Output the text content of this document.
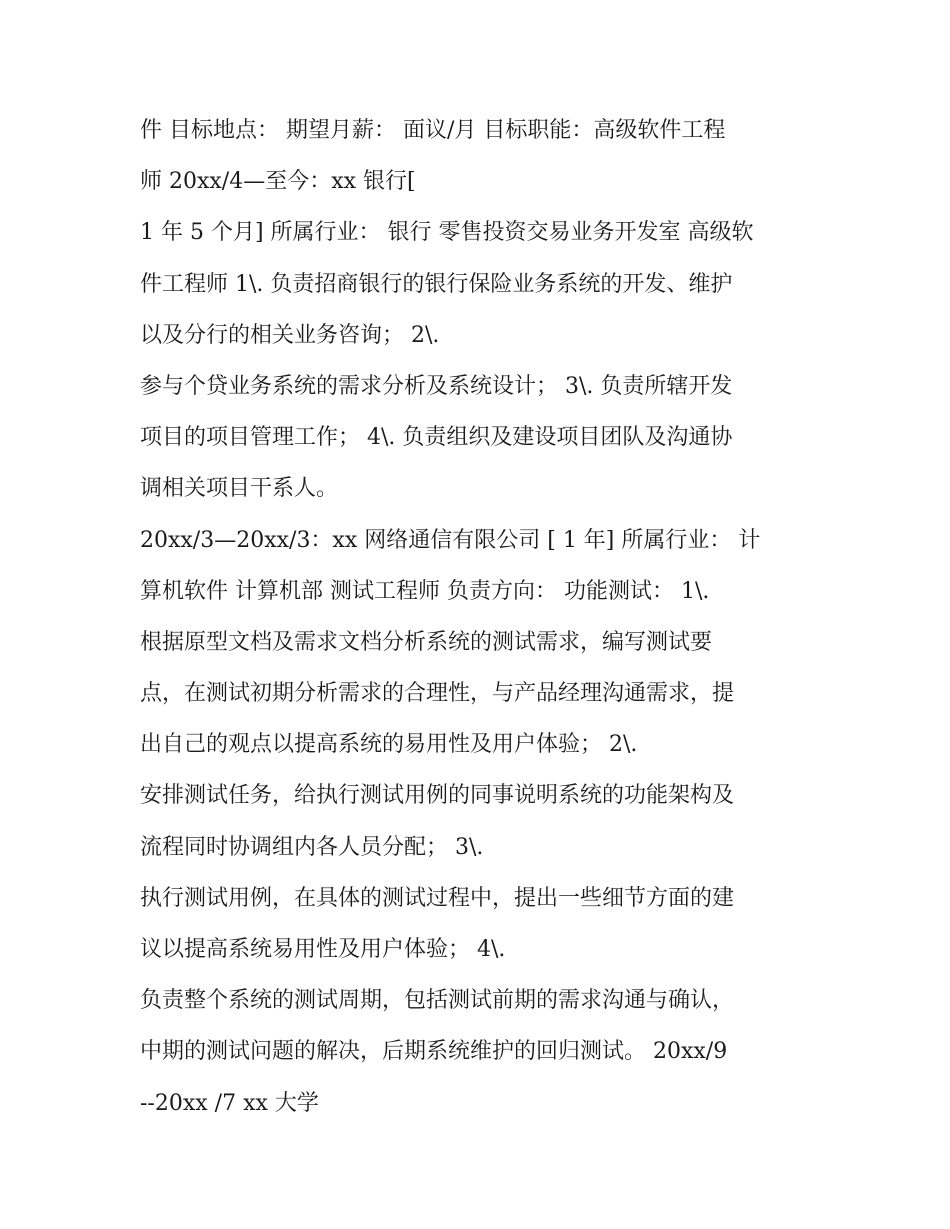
件 目标地点： 期望月薪： 面议/月 目标职能：高级软件工程
师 20xx/4—至今：xx 银行[
1 年 5 个月] 所属行业： 银行 零售投资交易业务开发室 高级软
件工程师 1\. 负责招商银行的银行保险业务系统的开发、维护
以及分行的相关业务咨询； 2\.
参与个贷业务系统的需求分析及系统设计； 3\. 负责所辖开发
项目的项目管理工作； 4\. 负责组织及建设项目团队及沟通协
调相关项目干系人。
20xx/3—20xx/3：xx 网络通信有限公司 [ 1 年] 所属行业： 计
算机软件 计算机部 测试工程师 负责方向： 功能测试： 1\.
根据原型文档及需求文档分析系统的测试需求，编写测试要
点，在测试初期分析需求的合理性，与产品经理沟通需求，提
出自己的观点以提高系统的易用性及用户体验； 2\.
安排测试任务，给执行测试用例的同事说明系统的功能架构及
流程同时协调组内各人员分配； 3\.
执行测试用例，在具体的测试过程中，提出一些细节方面的建
议以提高系统易用性及用户体验； 4\.
负责整个系统的测试周期，包括测试前期的需求沟通与确认，
中期的测试问题的解决，后期系统维护的回归测试。 20xx/9
--20xx /7 xx 大学
